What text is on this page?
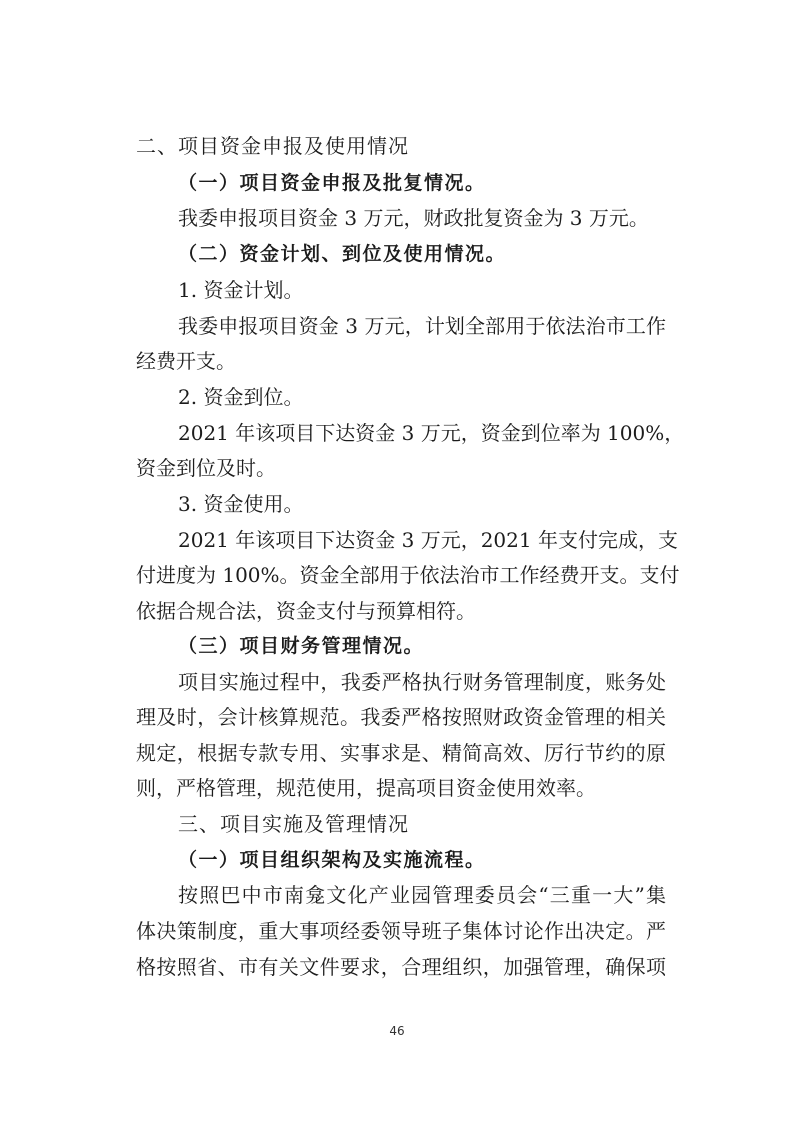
二、项目资金申报及使用情况
（一）项目资金申报及批复情况。
我委申报项目资金 3 万元，财政批复资金为 3 万元。
（二）资金计划、到位及使用情况。
1. 资金计划。
我委申报项目资金 3 万元，计划全部用于依法治市工作
经费开支。
2. 资金到位。
2021 年该项目下达资金 3 万元，资金到位率为 100%，
资金到位及时。
3. 资金使用。
2021 年该项目下达资金 3 万元，2021 年支付完成，支
付进度为 100%。资金全部用于依法治市工作经费开支。支付
依据合规合法，资金支付与预算相符。
（三）项目财务管理情况。
项目实施过程中，我委严格执行财务管理制度，账务处
理及时，会计核算规范。我委严格按照财政资金管理的相关
规定，根据专款专用、实事求是、精简高效、厉行节约的原
则，严格管理，规范使用，提高项目资金使用效率。
三、项目实施及管理情况
（一）项目组织架构及实施流程。
按照巴中市南龛文化产业园管理委员会“三重一大”集
体决策制度，重大事项经委领导班子集体讨论作出决定。严
格按照省、市有关文件要求，合理组织，加强管理，确保项
46
